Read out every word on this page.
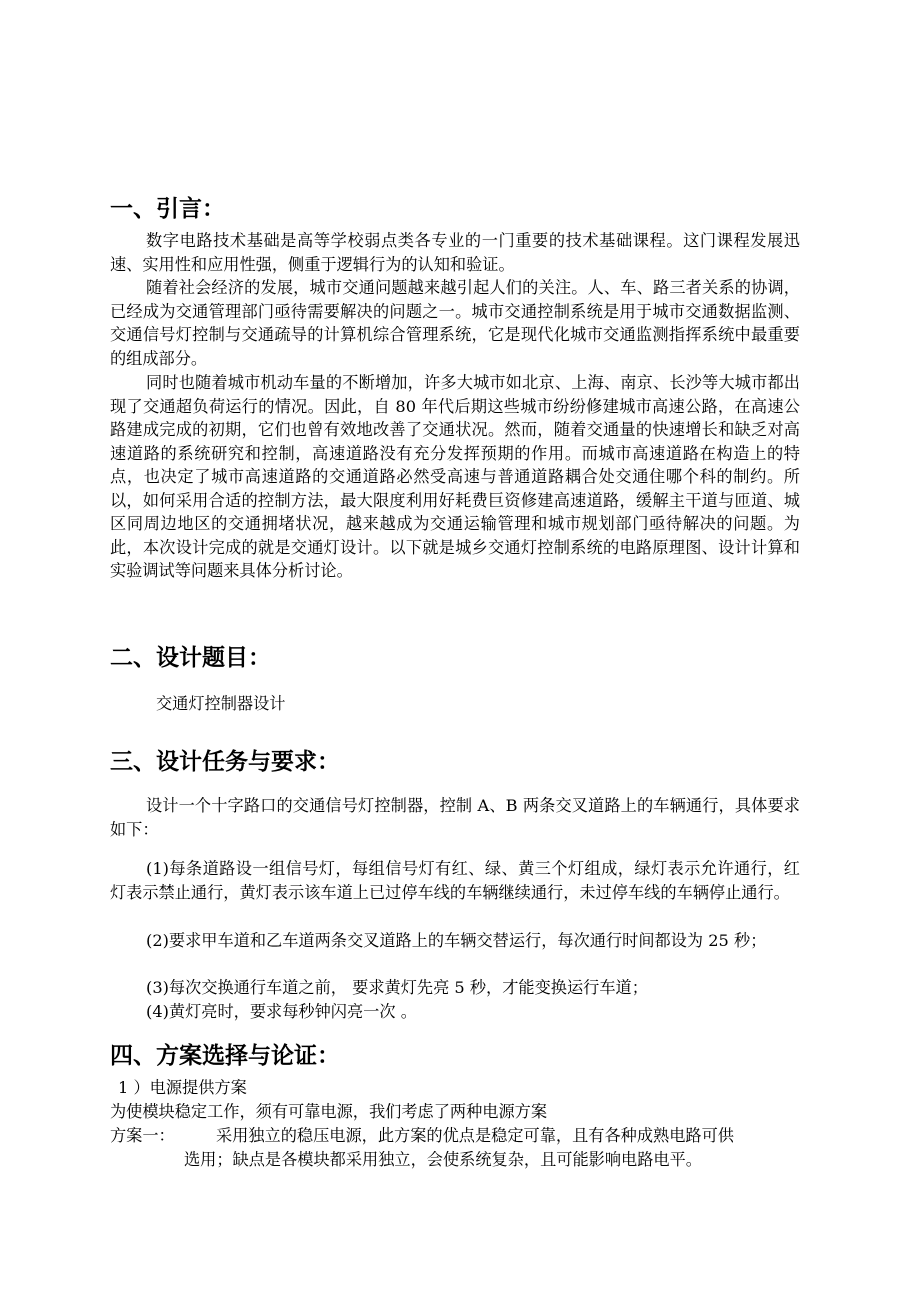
一、引言：

数字电路技术基础是高等学校弱点类各专业的一门重要的技术基础课程。这门课程发展迅速、实用性和应用性强，侧重于逻辑行为的认知和验证。

随着社会经济的发展，城市交通问题越来越引起人们的关注。人、车、路三者关系的协调，已经成为交通管理部门亟待需要解决的问题之一。城市交通控制系统是用于城市交通数据监测、交通信号灯控制与交通疏导的计算机综合管理系统，它是现代化城市交通监测指挥系统中最重要的组成部分。

同时也随着城市机动车量的不断增加，许多大城市如北京、上海、南京、长沙等大城市都出现了交通超负荷运行的情况。因此，自 80 年代后期这些城市纷纷修建城市高速公路，在高速公路建成完成的初期，它们也曾有效地改善了交通状况。然而，随着交通量的快速增长和缺乏对高速道路的系统研究和控制，高速道路没有充分发挥预期的作用。而城市高速道路在构造上的特点，也决定了城市高速道路的交通道路必然受高速与普通道路耦合处交通住哪个科的制约。所以，如何采用合适的控制方法，最大限度利用好耗费巨资修建高速道路，缓解主干道与匝道、城区同周边地区的交通拥堵状况，越来越成为交通运输管理和城市规划部门亟待解决的问题。为此，本次设计完成的就是交通灯设计。以下就是城乡交通灯控制系统的电路原理图、设计计算和实验调试等问题来具体分析讨论。

二、设计题目：

交通灯控制器设计

三、设计任务与要求：

设计一个十字路口的交通信号灯控制器，控制 A、B 两条交叉道路上的车辆通行，具体要求如下：

(1)每条道路设一组信号灯，每组信号灯有红、绿、黄三个灯组成，绿灯表示允许通行，红灯表示禁止通行，黄灯表示该车道上已过停车线的车辆继续通行，未过停车线的车辆停止通行。

(2)要求甲车道和乙车道两条交叉道路上的车辆交替运行，每次通行时间都设为 25 秒；

(3)每次交换通行车道之前， 要求黄灯先亮 5 秒，才能变换运行车道；

(4)黄灯亮时，要求每秒钟闪亮一次 。

四、方案选择与论证：

1 ）电源提供方案

为使模块稳定工作，须有可靠电源，我们考虑了两种电源方案

方案一：	采用独立的稳压电源，此方案的优点是稳定可靠，且有各种成熟电路可供

选用；缺点是各模块都采用独立，会使系统复杂，且可能影响电路电平。
